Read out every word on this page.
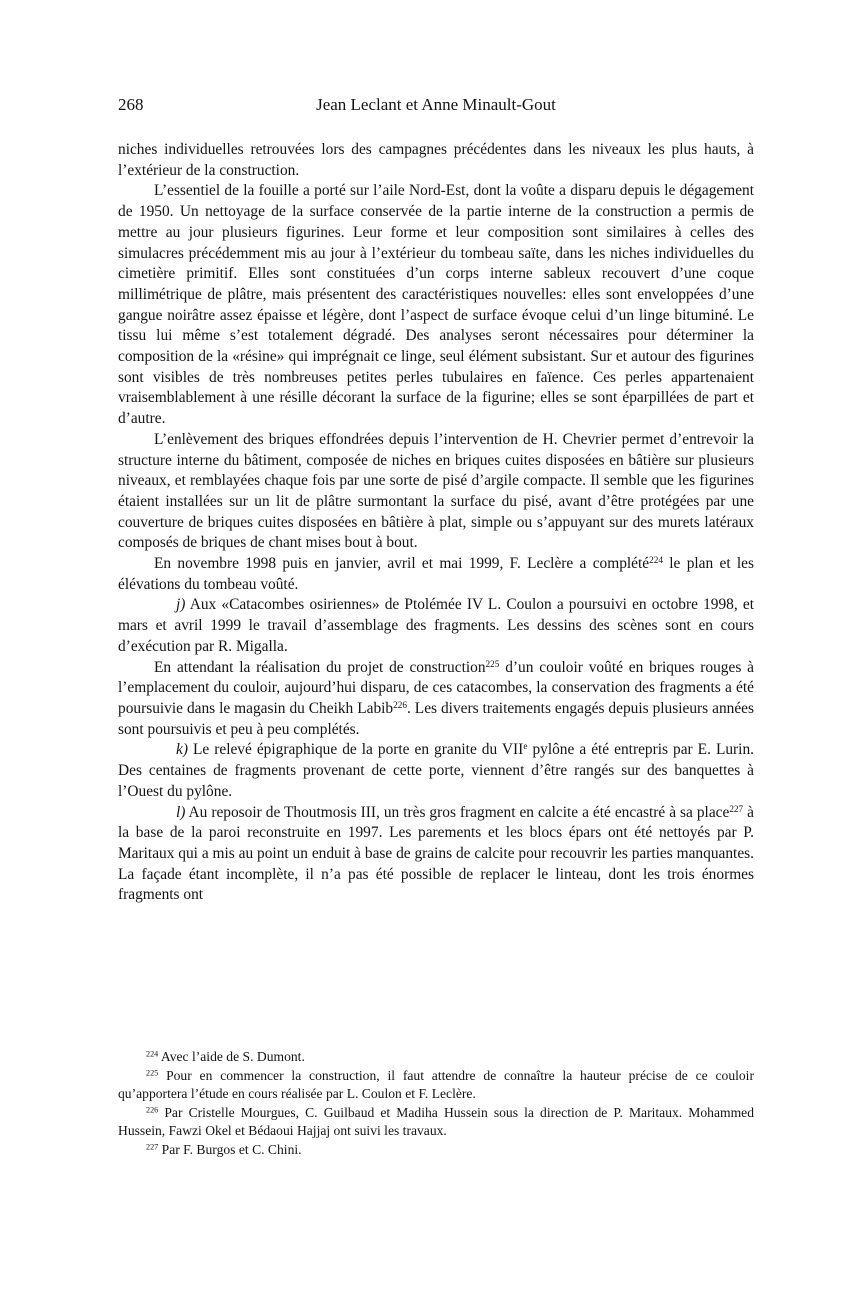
268	Jean Leclant et Anne Minault-Gout

niches individuelles retrouvées lors des campagnes précédentes dans les niveaux les plus hauts, à l’extérieur de la construction.

L’essentiel de la fouille a porté sur l’aile Nord-Est, dont la voûte a disparu depuis le dégagement de 1950. Un nettoyage de la surface conservée de la partie interne de la construction a permis de mettre au jour plusieurs figurines. Leur forme et leur composition sont similaires à celles des simulacres précédemment mis au jour à l’extérieur du tombeau saïte, dans les niches individuelles du cimetière primitif. Elles sont constituées d’un corps interne sableux recouvert d’une coque millimétrique de plâtre, mais présentent des caractéristiques nouvelles: elles sont enveloppées d’une gangue noirâtre assez épaisse et légère, dont l’aspect de surface évoque celui d’un linge bituminé. Le tissu lui même s’est totalement dégradé. Des analyses seront nécessaires pour déterminer la composition de la «résine» qui imprégnait ce linge, seul élément subsistant. Sur et autour des figurines sont visibles de très nombreuses petites perles tubulaires en faïence. Ces perles appartenaient vraisemblablement à une résille décorant la surface de la figurine; elles se sont éparpillées de part et d’autre.

L’enlèvement des briques effondrées depuis l’intervention de H. Chevrier permet d’entrevoir la structure interne du bâtiment, composée de niches en briques cuites disposées en bâtière sur plusieurs niveaux, et remblayées chaque fois par une sorte de pisé d’argile compacte. Il semble que les figurines étaient installées sur un lit de plâtre surmontant la surface du pisé, avant d’être protégées par une couverture de briques cuites disposées en bâtière à plat, simple ou s’appuyant sur des murets latéraux composés de briques de chant mises bout à bout.

En novembre 1998 puis en janvier, avril et mai 1999, F. Leclère a complété$^{224}$ le plan et les élévations du tombeau voûté.

j) Aux «Catacombes osiriennes» de Ptolémée IV L. Coulon a poursuivi en octobre 1998, et mars et avril 1999 le travail d’assemblage des fragments. Les dessins des scènes sont en cours d’exécution par R. Migalla.

En attendant la réalisation du projet de construction$^{225}$ d’un couloir voûté en briques rouges à l’emplacement du couloir, aujourd’hui disparu, de ces catacombes, la conservation des fragments a été poursuivie dans le magasin du Cheikh Labib$^{226}$. Les divers traitements engagés depuis plusieurs années sont poursuivis et peu à peu complétés.

k) Le relevé épigraphique de la porte en granite du VIIe pylône a été entrepris par E. Lurin. Des centaines de fragments provenant de cette porte, viennent d’être rangés sur des banquettes à l’Ouest du pylône.

l) Au reposoir de Thoutmosis III, un très gros fragment en calcite a été encastré à sa place$^{227}$ à la base de la paroi reconstruite en 1997. Les parements et les blocs épars ont été nettoyés par P. Maritaux qui a mis au point un enduit à base de grains de calcite pour recouvrir les parties manquantes. La façade étant incomplète, il n’a pas été possible de replacer le linteau, dont les trois énormes fragments ont

$^{224}$ Avec l’aide de S. Dumont.

$^{225}$ Pour en commencer la construction, il faut attendre de connaître la hauteur précise de ce couloir qu’apportera l’étude en cours réalisée par L. Coulon et F. Leclère.

$^{226}$ Par Cristelle Mourgues, C. Guilbaud et Madiha Hussein sous la direction de P. Maritaux. Mohammed Hussein, Fawzi Okel et Bédaoui Hajjaj ont suivi les travaux.

$^{227}$ Par F. Burgos et C. Chini.
